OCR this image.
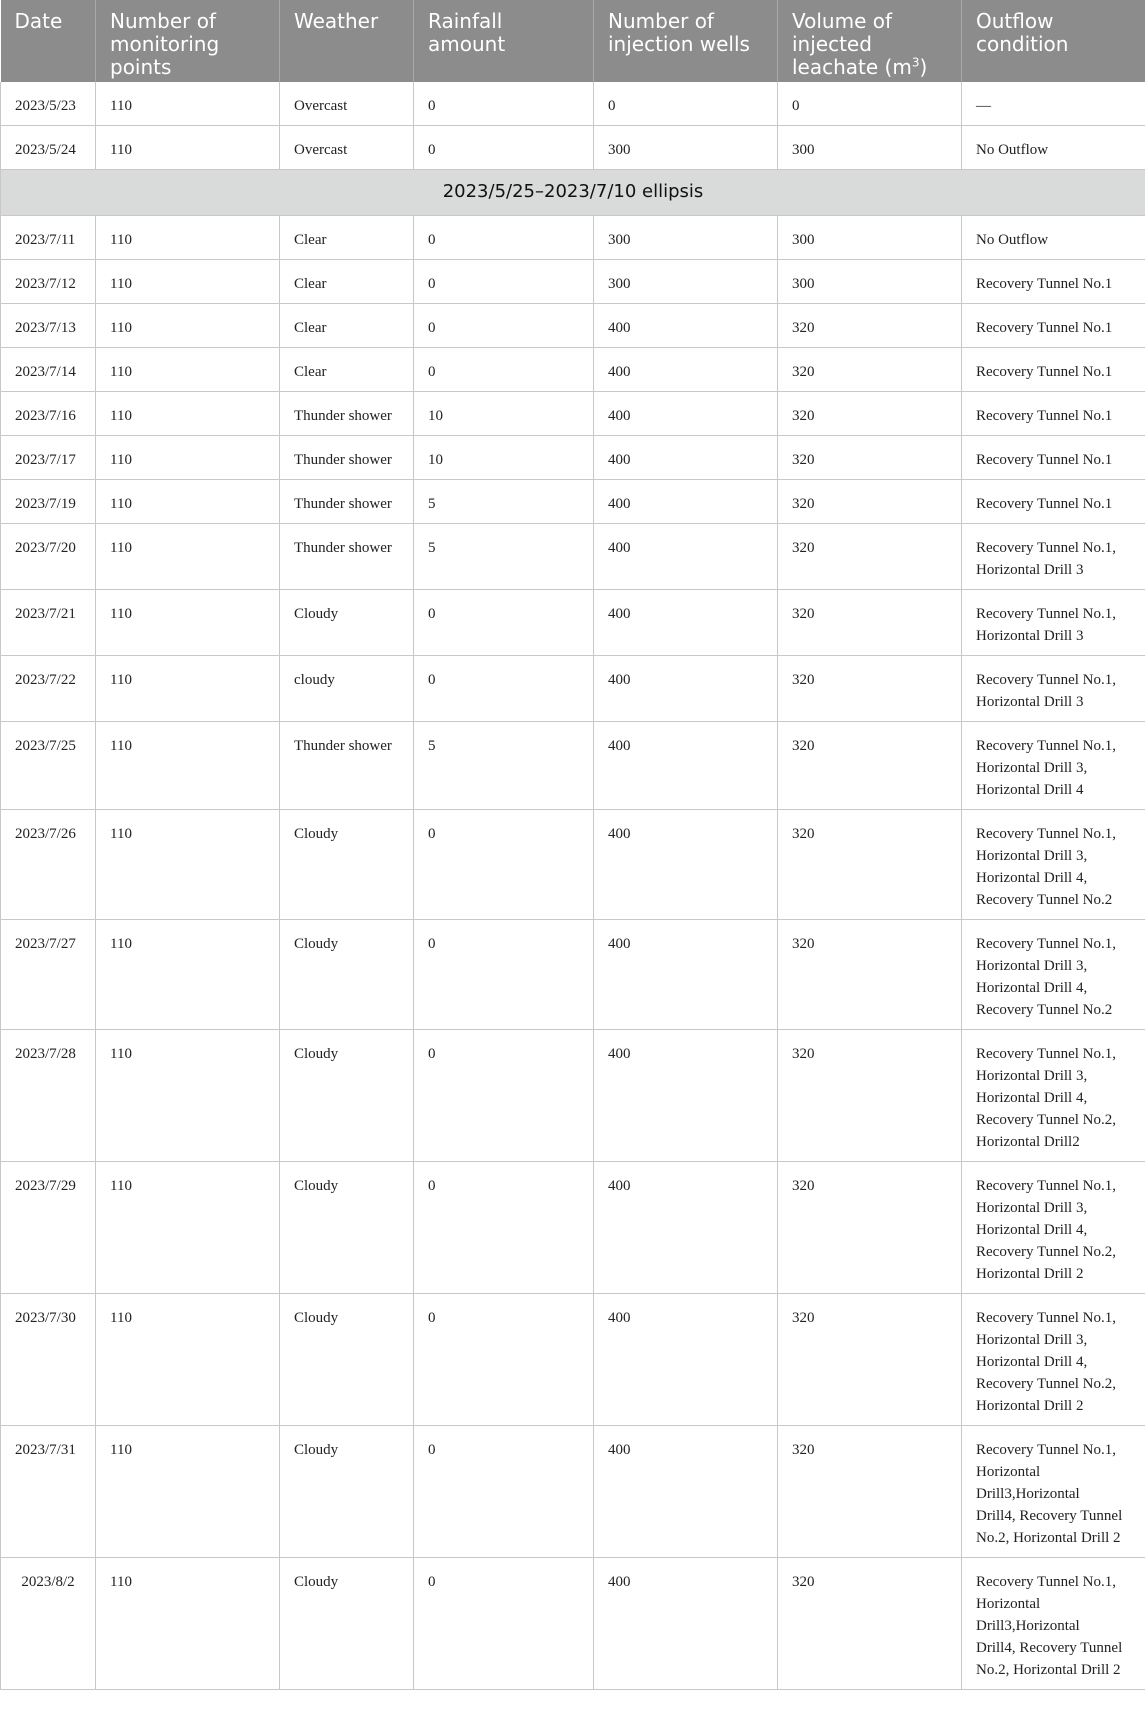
Date	Number of monitoring points	Weather	Rainfall amount	Number of injection wells	Volume of injected leachate $(m^3)$	Outflow condition
2023/5/23	110	Overcast	0	0	0	—
2023/5/24	110	Overcast	0	300	300	No Outflow
2023/5/25–2023/7/10 ellipsis						
2023/7/11	110	Clear	0	300	300	No Outflow
2023/7/12	110	Clear	0	300	300	Recovery Tunnel No.1
2023/7/13	110	Clear	0	400	320	Recovery Tunnel No.1
2023/7/14	110	Clear	0	400	320	Recovery Tunnel No.1
2023/7/16	110	Thunder shower	10	400	320	Recovery Tunnel No.1
2023/7/17	110	Thunder shower	10	400	320	Recovery Tunnel No.1
2023/7/19	110	Thunder shower	5	400	320	Recovery Tunnel No.1
2023/7/20	110	Thunder shower	5	400	320	Recovery Tunnel No.1,
Horizontal Drill 3
2023/7/21	110	Cloudy	0	400	320	Recovery Tunnel No.1,
Horizontal Drill 3
2023/7/22	110	cloudy	0	400	320	Recovery Tunnel No.1,
Horizontal Drill 3
2023/7/25	110	Thunder shower	5	400	320	Recovery Tunnel No.1,
Horizontal Drill 3,
Horizontal Drill 4
2023/7/26	110	Cloudy	0	400	320	Recovery Tunnel No.1,
Horizontal Drill 3,
Horizontal Drill 4,
Recovery Tunnel No.2
2023/7/27	110	Cloudy	0	400	320	Recovery Tunnel No.1,
Horizontal Drill 3,
Horizontal Drill 4,
Recovery Tunnel No.2
2023/7/28	110	Cloudy	0	400	320	Recovery Tunnel No.1,
Horizontal Drill 3,
Horizontal Drill 4,
Recovery Tunnel No.2,
Horizontal Drill2
2023/7/29	110	Cloudy	0	400	320	Recovery Tunnel No.1,
Horizontal Drill 3,
Horizontal Drill 4,
Recovery Tunnel No.2,
Horizontal Drill 2
2023/7/30	110	Cloudy	0	400	320	Recovery Tunnel No.1,
Horizontal Drill 3,
Horizontal Drill 4,
Recovery Tunnel No.2,
Horizontal Drill 2
2023/7/31	110	Cloudy	0	400	320	Recovery Tunnel No.1,
Horizontal
Drill3,Horizontal
Drill4, Recovery Tunnel
No.2, Horizontal Drill 2
2023/8/2	110	Cloudy	0	400	320	Recovery Tunnel No.1,
Horizontal
Drill3,Horizontal
Drill4, Recovery Tunnel
No.2, Horizontal Drill 2
